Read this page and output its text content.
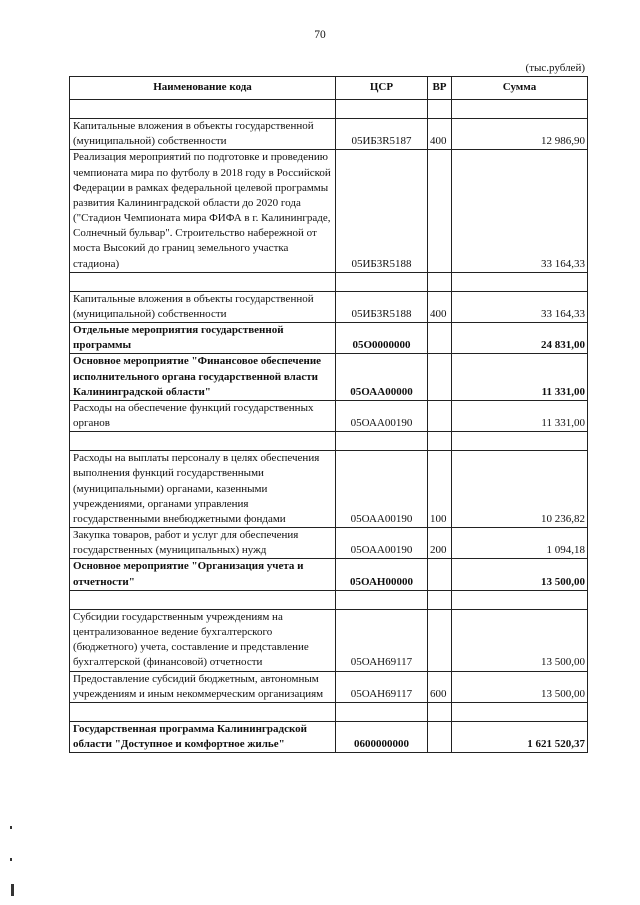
70
(тыс.рублей)
Наименование кода	ЦСР	ВР	Сумма

Капитальные вложения в объекты государственной (муниципальной) собственности	05ИБ3R5187	400	12 986,90
Реализация мероприятий по подготовке и проведению чемпионата мира по футболу в 2018 году в Российской Федерации в рамках федеральной целевой программы развития Калининградской области до 2020 года ("Стадион Чемпионата мира ФИФА в г. Калининграде, Солнечный бульвар". Строительство набережной от моста Высокий до границ земельного участка стадиона)	05ИБ3R5188		33 164,33

Капитальные вложения в объекты государственной (муниципальной) собственности	05ИБ3R5188	400	33 164,33
Отдельные мероприятия государственной программы	05О0000000		24 831,00
Основное мероприятие "Финансовое обеспечение исполнительного органа государственной власти Калининградской области"	05ОАА00000		11 331,00
Расходы на обеспечение функций государственных органов	05ОАА00190		11 331,00

Расходы на выплаты персоналу в целях обеспечения выполнения функций государственными (муниципальными) органами, казенными учреждениями, органами управления государственными внебюджетными фондами	05ОАА00190	100	10 236,82
Закупка товаров, работ и услуг для обеспечения государственных (муниципальных) нужд	05ОАА00190	200	1 094,18
Основное мероприятие "Организация учета и отчетности"	05ОАН00000		13 500,00

Субсидии государственным учреждениям на централизованное ведение бухгалтерского (бюджетного) учета, составление и представление бухгалтерской (финансовой) отчетности	05ОАН69117		13 500,00
Предоставление субсидий бюджетным, автономным учреждениям и иным некоммерческим организациям	05ОАН69117	600	13 500,00

Государственная программа Калининградской области "Доступное и комфортное жилье"	0600000000		1 621 520,37
